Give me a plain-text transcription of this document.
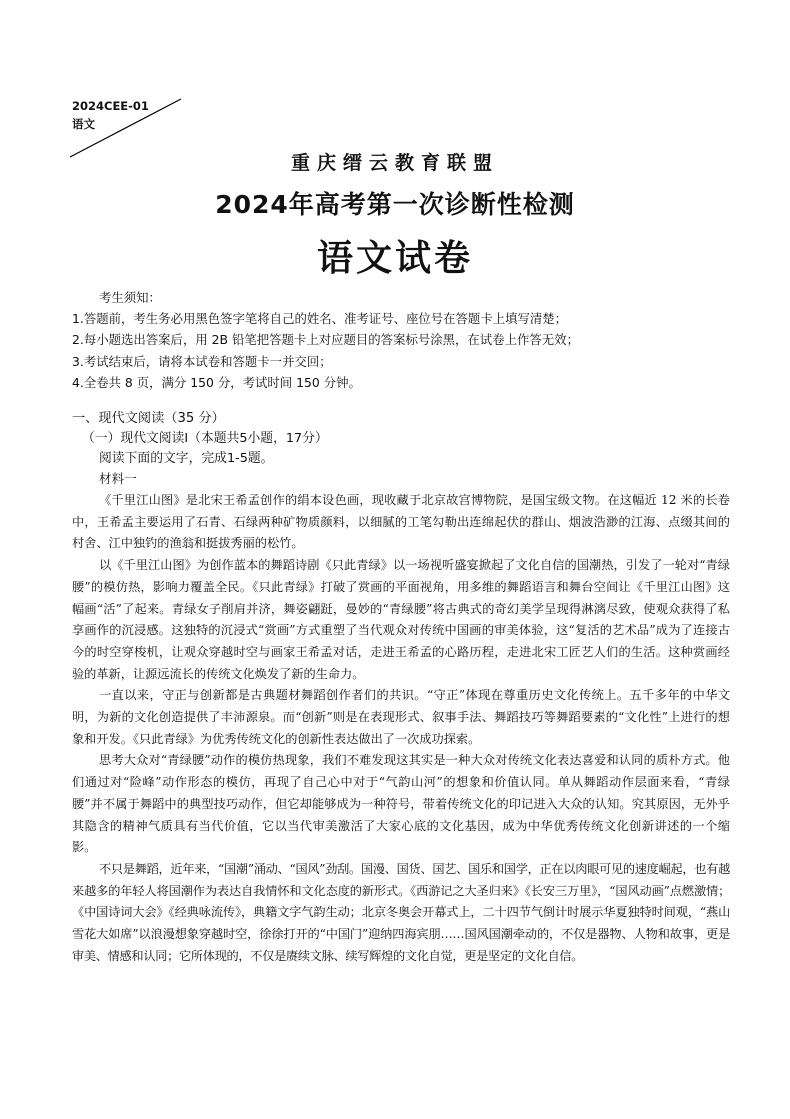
2024CEE-01
语文
重庆缙云教育联盟
2024年高考第一次诊断性检测
语文试卷
考生须知：
1.答题前，考生务必用黑色签字笔将自己的姓名、准考证号、座位号在答题卡上填写清楚；
2.每小题选出答案后，用 2B 铅笔把答题卡上对应题目的答案标号涂黑，在试卷上作答无效；
3.考试结束后，请将本试卷和答题卡一并交回；
4.全卷共 8 页，满分 150 分，考试时间 150 分钟。
一、现代文阅读（35 分）
（一）现代文阅读Ⅰ（本题共5小题，17分）
阅读下面的文字，完成1-5题。
材料一

《千里江山图》是北宋王希孟创作的绢本设色画，现收藏于北京故宫博物院，是国宝级文物。在这幅近 12 米的长卷中，王希孟主要运用了石青、石绿两种矿物质颜料，以细腻的工笔勾勒出连绵起伏的群山、烟波浩渺的江海、点缀其间的村舍、江中独钓的渔翁和挺拔秀丽的松竹。

以《千里江山图》为创作蓝本的舞蹈诗剧《只此青绿》以一场视听盛宴掀起了文化自信的国潮热，引发了一轮对“青绿腰”的模仿热，影响力覆盖全民。《只此青绿》打破了赏画的平面视角，用多维的舞蹈语言和舞台空间让《千里江山图》这幅画“活”了起来。青绿女子削肩并济，舞姿翩跹，曼妙的“青绿腰”将古典式的奇幻美学呈现得淋漓尽致，使观众获得了私享画作的沉浸感。这独特的沉浸式“赏画”方式重塑了当代观众对传统中国画的审美体验，这“复活的艺术品”成为了连接古今的时空穿梭机，让观众穿越时空与画家王希孟对话，走进王希孟的心路历程，走进北宋工匠艺人们的生活。这种赏画经验的革新，让源远流长的传统文化焕发了新的生命力。

一直以来，守正与创新都是古典题材舞蹈创作者们的共识。“守正”体现在尊重历史文化传统上。五千多年的中华文明，为新的文化创造提供了丰沛源泉。而“创新”则是在表现形式、叙事手法、舞蹈技巧等舞蹈要素的“文化性”上进行的想象和开发。《只此青绿》为优秀传统文化的创新性表达做出了一次成功探索。

思考大众对“青绿腰”动作的模仿热现象，我们不难发现这其实是一种大众对传统文化表达喜爱和认同的质朴方式。他们通过对“险峰”动作形态的模仿，再现了自己心中对于“气韵山河”的想象和价值认同。单从舞蹈动作层面来看，“青绿腰”并不属于舞蹈中的典型技巧动作，但它却能够成为一种符号，带着传统文化的印记进入大众的认知。究其原因，无外乎其隐含的精神气质具有当代价值，它以当代审美激活了大家心底的文化基因，成为中华优秀传统文化创新讲述的一个缩影。

不只是舞蹈，近年来，“国潮”涌动、“国风”劲刮。国漫、国货、国艺、国乐和国学，正在以肉眼可见的速度崛起，也有越来越多的年轻人将国潮作为表达自我情怀和文化态度的新形式。《西游记之大圣归来》《长安三万里》，“国风动画”点燃激情；《中国诗词大会》《经典咏流传》，典籍文字气韵生动；北京冬奥会开幕式上，二十四节气倒计时展示华夏独特时间观，“燕山雪花大如席”以浪漫想象穿越时空，徐徐打开的“中国门”迎纳四海宾朋……国风国潮牵动的，不仅是器物、人物和故事，更是审美、情感和认同；它所体现的，不仅是赓续文脉、续写辉煌的文化自觉，更是坚定的文化自信。
